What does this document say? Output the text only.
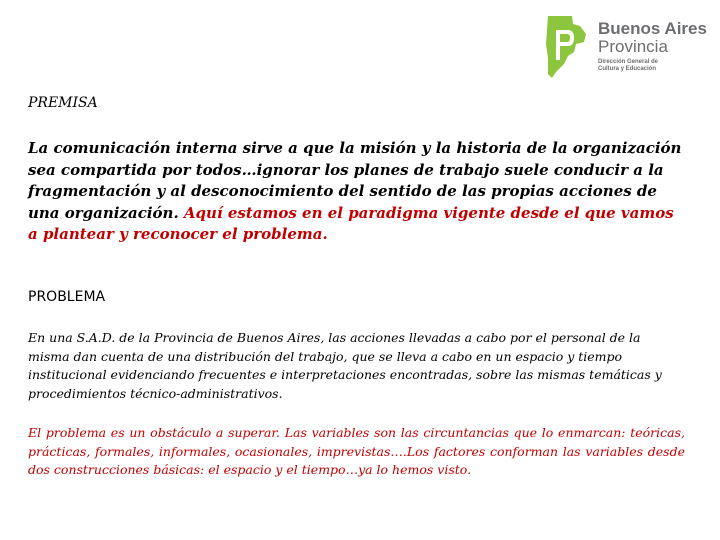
Buenos Aires
Provincia
Dirección General de
Cultura y Educación
PREMISA

La comunicación interna sirve a que la misión y la historia de la organización sea compartida por todos…ignorar los planes de trabajo suele conducir a la fragmentación y al desconocimiento del sentido de las propias acciones de una organización. Aquí estamos en el paradigma vigente desde el que vamos a plantear y reconocer el problema.

PROBLEMA

En una S.A.D. de la Provincia de Buenos Aires, las acciones llevadas a cabo por el personal de la misma dan cuenta de una distribución del trabajo, que se lleva a cabo en un espacio y tiempo institucional evidenciando frecuentes e interpretaciones encontradas, sobre las mismas temáticas y procedimientos técnico-administrativos.

El problema es un obstáculo a superar. Las variables son las circuntancias que lo enmarcan: teóricas, prácticas, formales, informales, ocasionales, imprevistas….Los factores conforman las variables desde dos construcciones básicas: el espacio y el tiempo…ya lo hemos visto.
